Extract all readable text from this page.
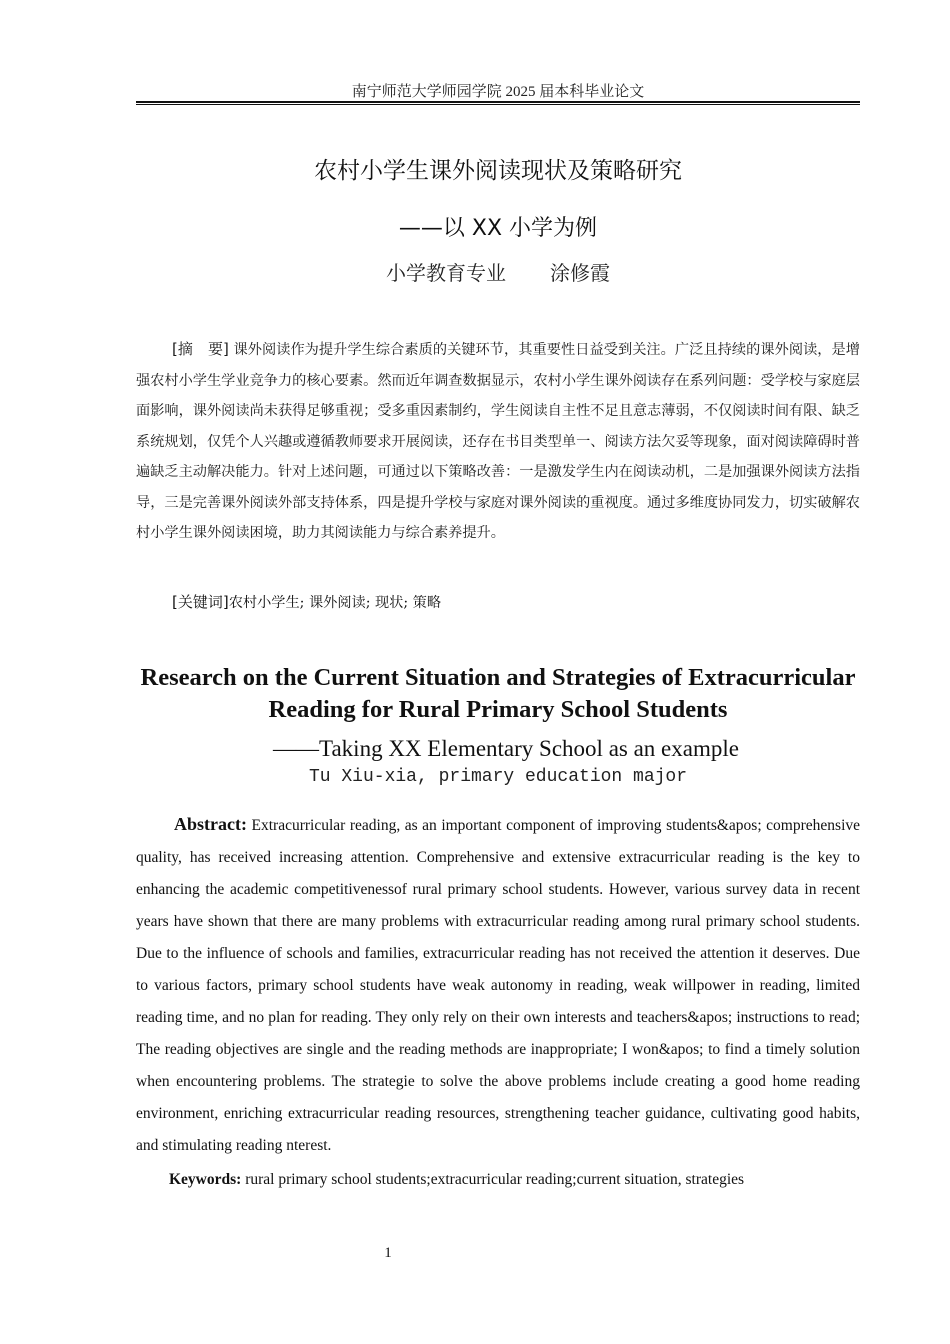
南宁师范大学师园学院 2025 届本科毕业论文
农村小学生课外阅读现状及策略研究
——以 XX 小学为例
小学教育专业 涂修霞
[摘　要] 课外阅读作为提升学生综合素质的关键环节，其重要性日益受到关注。广泛且持续的课外阅读，是增强农村小学生学业竞争力的核心要素。然而近年调查数据显示，农村小学生课外阅读存在系列问题：受学校与家庭层面影响，课外阅读尚未获得足够重视；受多重因素制约，学生阅读自主性不足且意志薄弱，不仅阅读时间有限、缺乏系统规划，仅凭个人兴趣或遵循教师要求开展阅读，还存在书目类型单一、阅读方法欠妥等现象，面对阅读障碍时普遍缺乏主动解决能力。针对上述问题，可通过以下策略改善：一是激发学生内在阅读动机，二是加强课外阅读方法指导，三是完善课外阅读外部支持体系，四是提升学校与家庭对课外阅读的重视度。通过多维度协同发力，切实破解农村小学生课外阅读困境，助力其阅读能力与综合素养提升。
[关键词]农村小学生; 课外阅读; 现状; 策略
Research on the Current Situation and Strategies of Extracurricular Reading for Rural Primary School Students
——Taking XX Elementary School as an example
Tu Xiu-xia, primary education major
Abstract: Extracurricular reading, as an important component of improving students&apos; comprehensive quality, has received increasing attention. Comprehensive and extensive extracurricular reading is the key to enhancing the academic competitivenessof rural primary school students. However, various survey data in recent years have shown that there are many problems with extracurricular reading among rural primary school students. Due to the influence of schools and families, extracurricular reading has not received the attention it deserves. Due to various factors, primary school students have weak autonomy in reading, weak willpower in reading, limited reading time, and no plan for reading. They only rely on their own interests and teachers&apos; instructions to read; The reading objectives are single and the reading methods are inappropriate; I won&apos; to find a timely solution when encountering problems. The strategie to solve the above problems include creating a good home reading environment, enriching extracurricular reading resources, strengthening teacher guidance, cultivating good habits, and stimulating reading nterest.
Keywords: rural primary school students;extracurricular reading;current situation, strategies
1
